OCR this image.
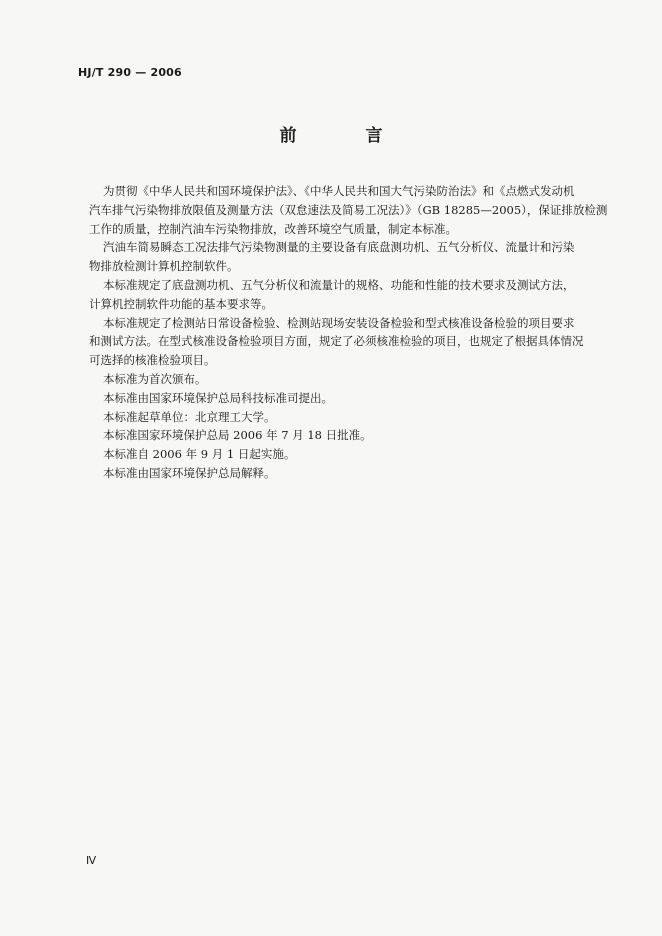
HJ/T 290 — 2006
前　言

为贯彻《中华人民共和国环境保护法》、《中华人民共和国大气污染防治法》和《点燃式发动机
汽车排气污染物排放限值及测量方法（双怠速法及简易工况法）》（GB 18285—2005），保证排放检测
工作的质量，控制汽油车污染物排放，改善环境空气质量，制定本标准。

汽油车简易瞬态工况法排气污染物测量的主要设备有底盘测功机、五气分析仪、流量计和污染
物排放检测计算机控制软件。

本标准规定了底盘测功机、五气分析仪和流量计的规格、功能和性能的技术要求及测试方法，
计算机控制软件功能的基本要求等。

本标准规定了检测站日常设备检验、检测站现场安装设备检验和型式核准设备检验的项目要求
和测试方法。在型式核准设备检验项目方面，规定了必须核准检验的项目，也规定了根据具体情况
可选择的核准检验项目。

本标准为首次颁布。

本标准由国家环境保护总局科技标准司提出。

本标准起草单位：北京理工大学。

本标准国家环境保护总局 2006 年 7 月 18 日批准。

本标准自 2006 年 9 月 1 日起实施。

本标准由国家环境保护总局解释。

Ⅳ
